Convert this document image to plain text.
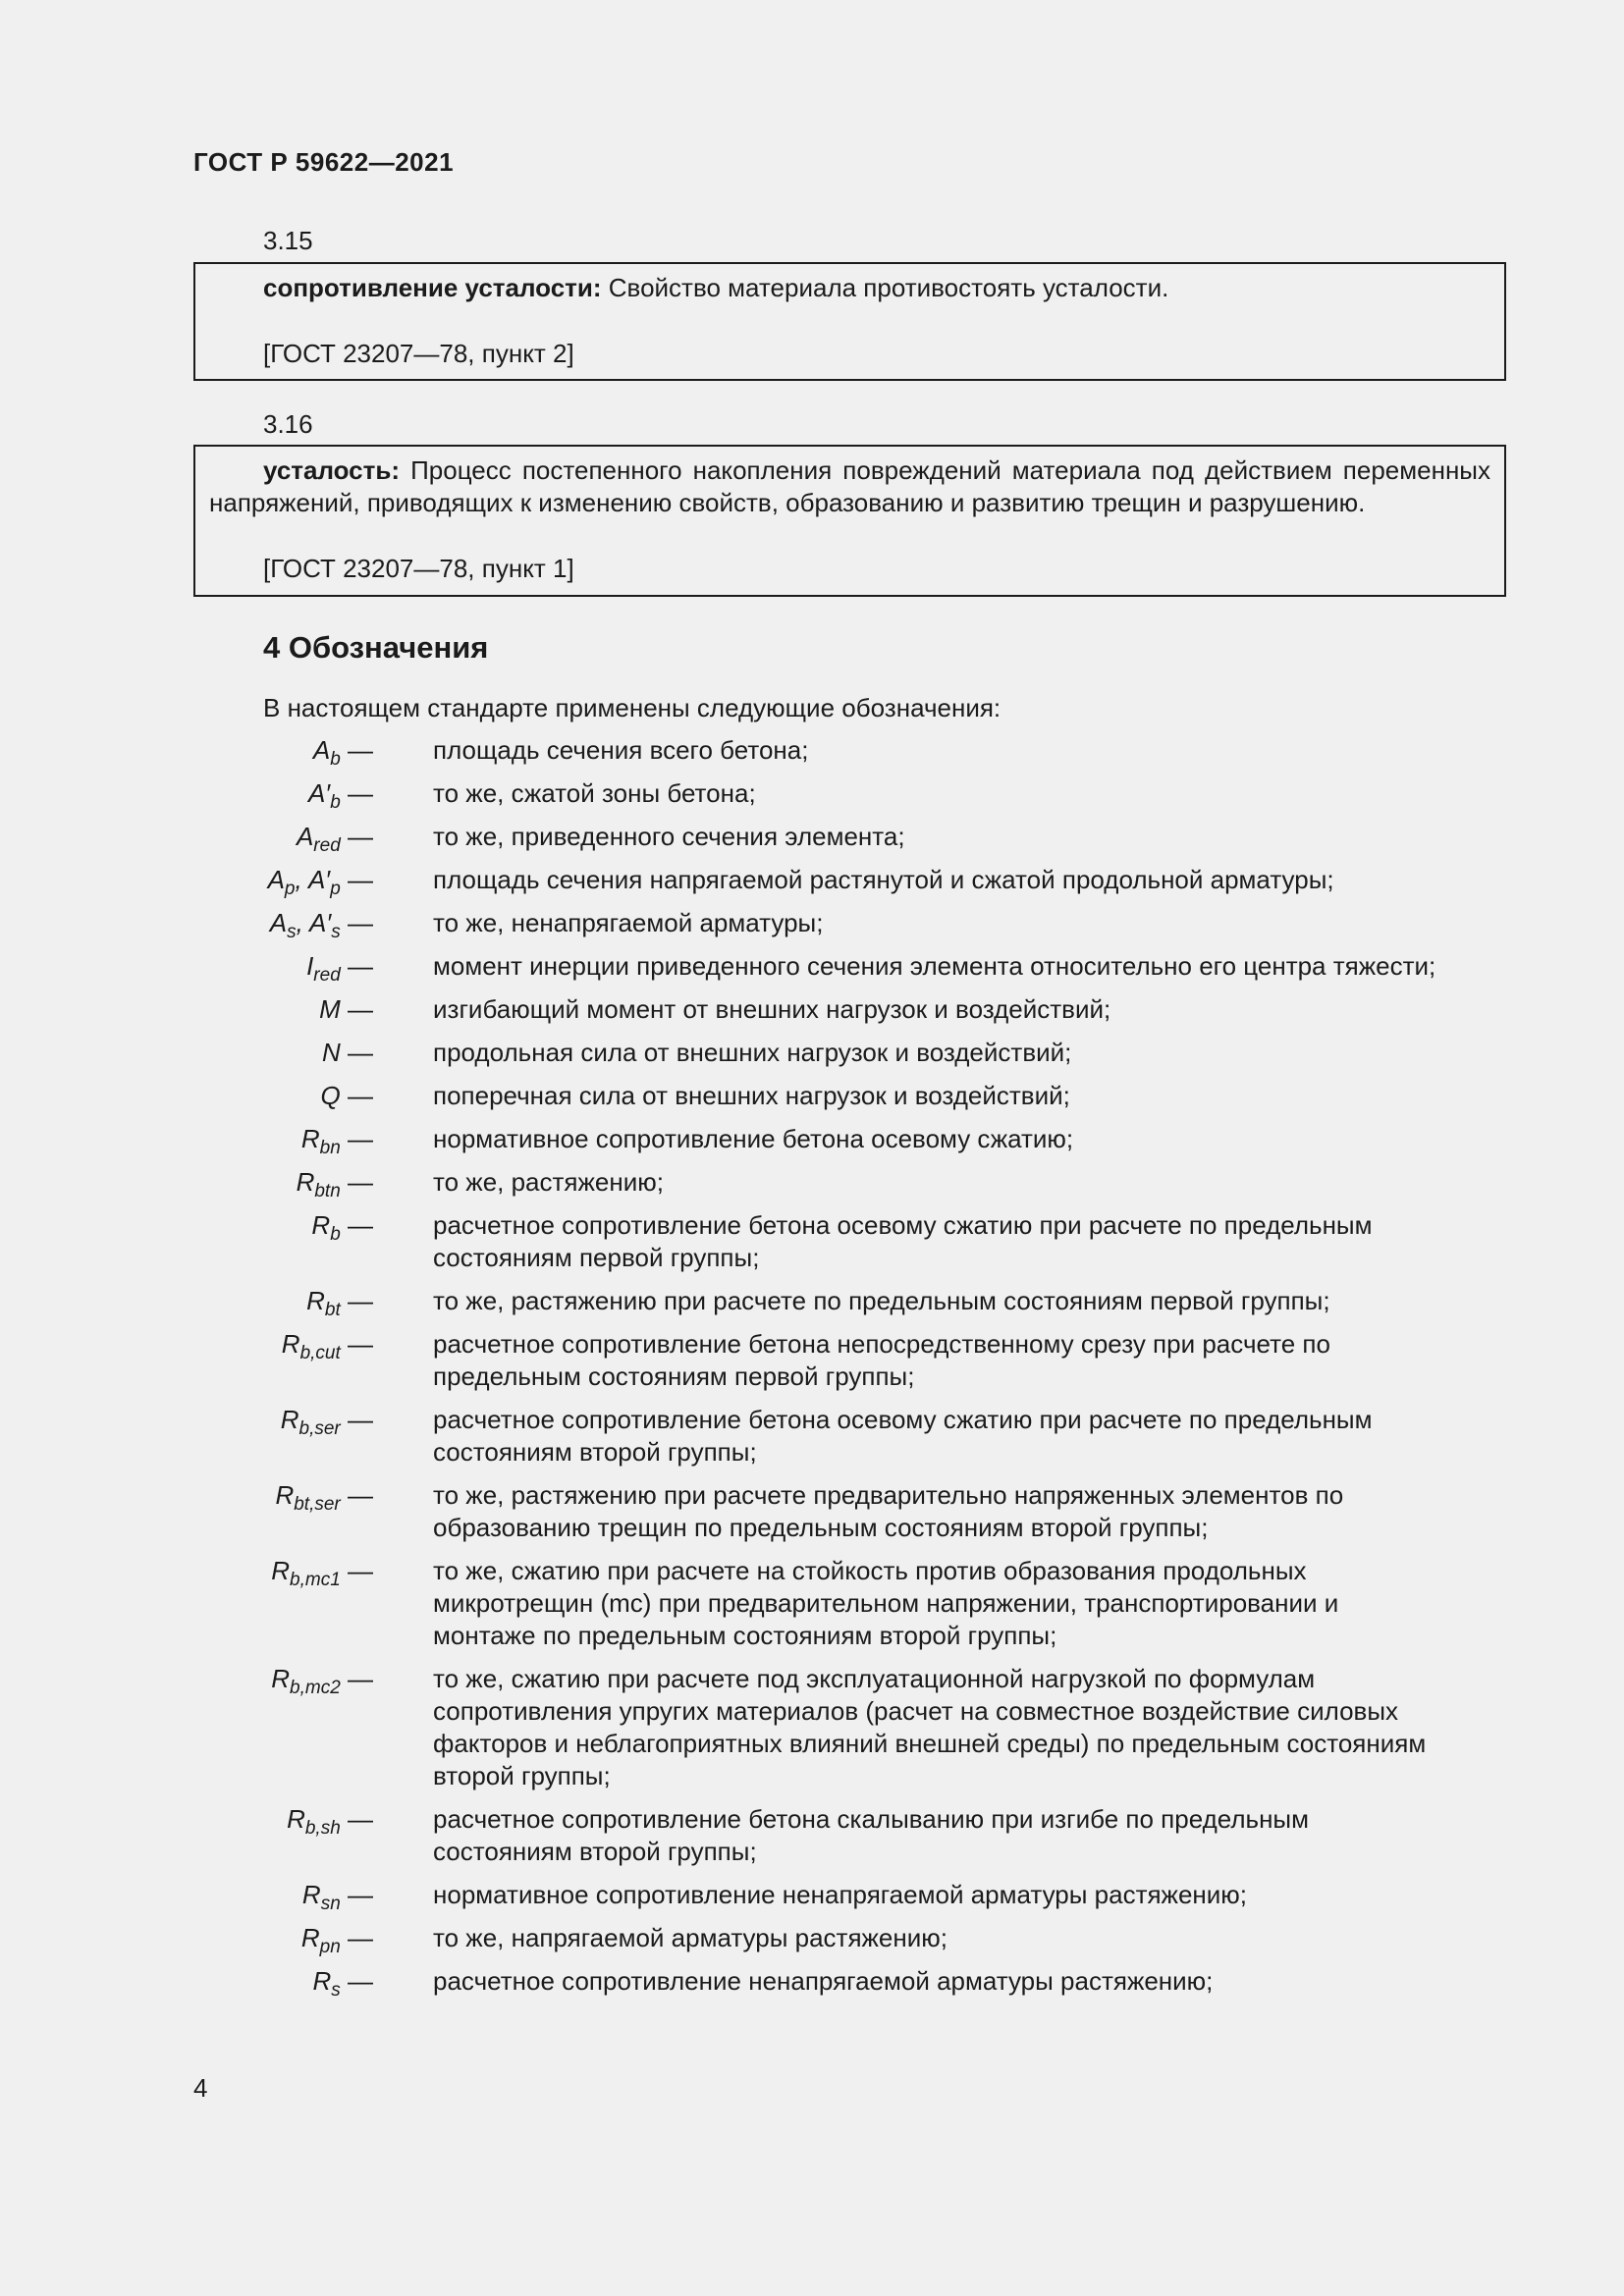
ГОСТ Р 59622—2021
3.15

сопротивление усталости: Свойство материала противостоять усталости.

[ГОСТ 23207—78, пункт 2]

3.16

усталость: Процесс постепенного накопления повреждений материала под действием переменных напряжений, приводящих к изменению свойств, образованию и развитию трещин и разрушению.

[ГОСТ 23207—78, пункт 1]

4 Обозначения
В настоящем стандарте применены следующие обозначения:
$A_b$ —	площадь сечения всего бетона;
$A'_b$ —	то же, сжатой зоны бетона;
$A_{red}$ —	то же, приведенного сечения элемента;
$A_p$, $A'_p$ —	площадь сечения напрягаемой растянутой и сжатой продольной арматуры;
$A_s$, $A'_s$ —	то же, ненапрягаемой арматуры;
$I_{red}$ —	момент инерции приведенного сечения элемента относительно его центра тяжести;
M —	изгибающий момент от внешних нагрузок и воздействий;
N —	продольная сила от внешних нагрузок и воздействий;
Q —	поперечная сила от внешних нагрузок и воздействий;
$R_{bn}$ —	нормативное сопротивление бетона осевому сжатию;
$R_{btn}$ —	то же, растяжению;
$R_b$ —	расчетное сопротивление бетона осевому сжатию при расчете по предельным состояниям первой группы;
$R_{bt}$ —	то же, растяжению при расчете по предельным состояниям первой группы;
$R_{b,cut}$ —	расчетное сопротивление бетона непосредственному срезу при расчете по предельным состояниям первой группы;
$R_{b,ser}$ —	расчетное сопротивление бетона осевому сжатию при расчете по предельным состояниям второй группы;
$R_{bt,ser}$ —	то же, растяжению при расчете предварительно напряженных элементов по образованию трещин по предельным состояниям второй группы;
$R_{b,mc1}$ —	то же, сжатию при расчете на стойкость против образования продольных микротрещин (mc) при предварительном напряжении, транспортировании и монтаже по предельным состояниям второй группы;
$R_{b,mc2}$ —	то же, сжатию при расчете под эксплуатационной нагрузкой по формулам сопротивления упругих материалов (расчет на совместное воздействие силовых факторов и неблагоприятных влияний внешней среды) по предельным состояниям второй группы;
$R_{b,sh}$ —	расчетное сопротивление бетона скалыванию при изгибе по предельным состояниям второй группы;
$R_{sn}$ —	нормативное сопротивление ненапрягаемой арматуры растяжению;
$R_{pn}$ —	то же, напрягаемой арматуры растяжению;
$R_s$ —	расчетное сопротивление ненапрягаемой арматуры растяжению;
4
